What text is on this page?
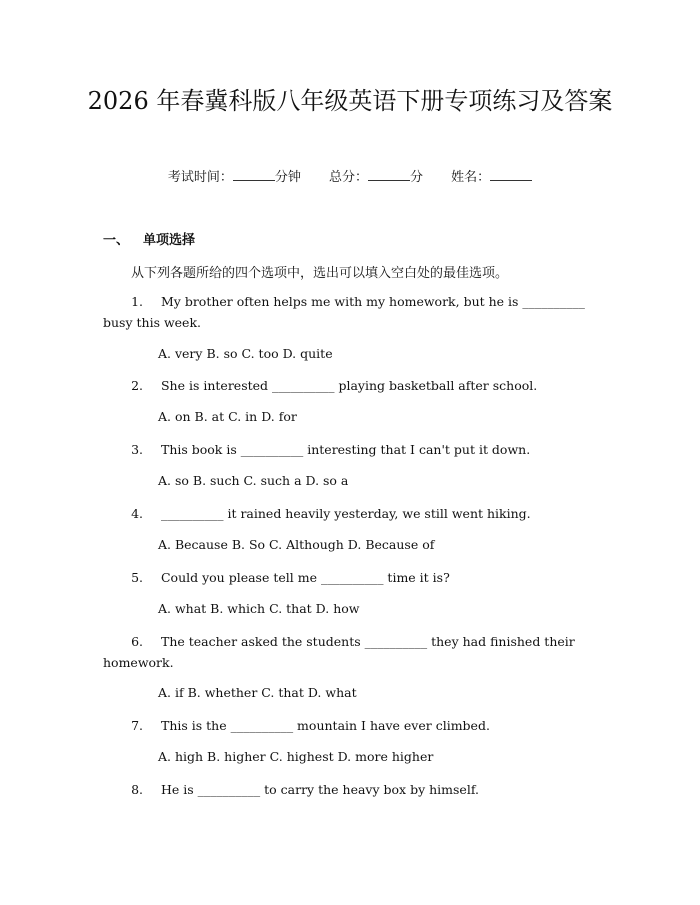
2026 年春冀科版八年级英语下册专项练习及答案
考试时间：	分钟 总分：	分 姓名：
一、 单项选择
从下列各题所给的四个选项中，选出可以填入空白处的最佳选项。
1. My brother often helps me with my homework, but he is __________ busy this week.
A. very B. so C. too D. quite
2. She is interested __________ playing basketball after school.
A. on B. at C. in D. for
3. This book is __________ interesting that I can't put it down.
A. so B. such C. such a D. so a
4. __________ it rained heavily yesterday, we still went hiking.
A. Because B. So C. Although D. Because of
5. Could you please tell me __________ time it is?
A. what B. which C. that D. how
6. The teacher asked the students __________ they had finished their homework.
A. if B. whether C. that D. what
7. This is the __________ mountain I have ever climbed.
A. high B. higher C. highest D. more higher
8. He is __________ to carry the heavy box by himself.
